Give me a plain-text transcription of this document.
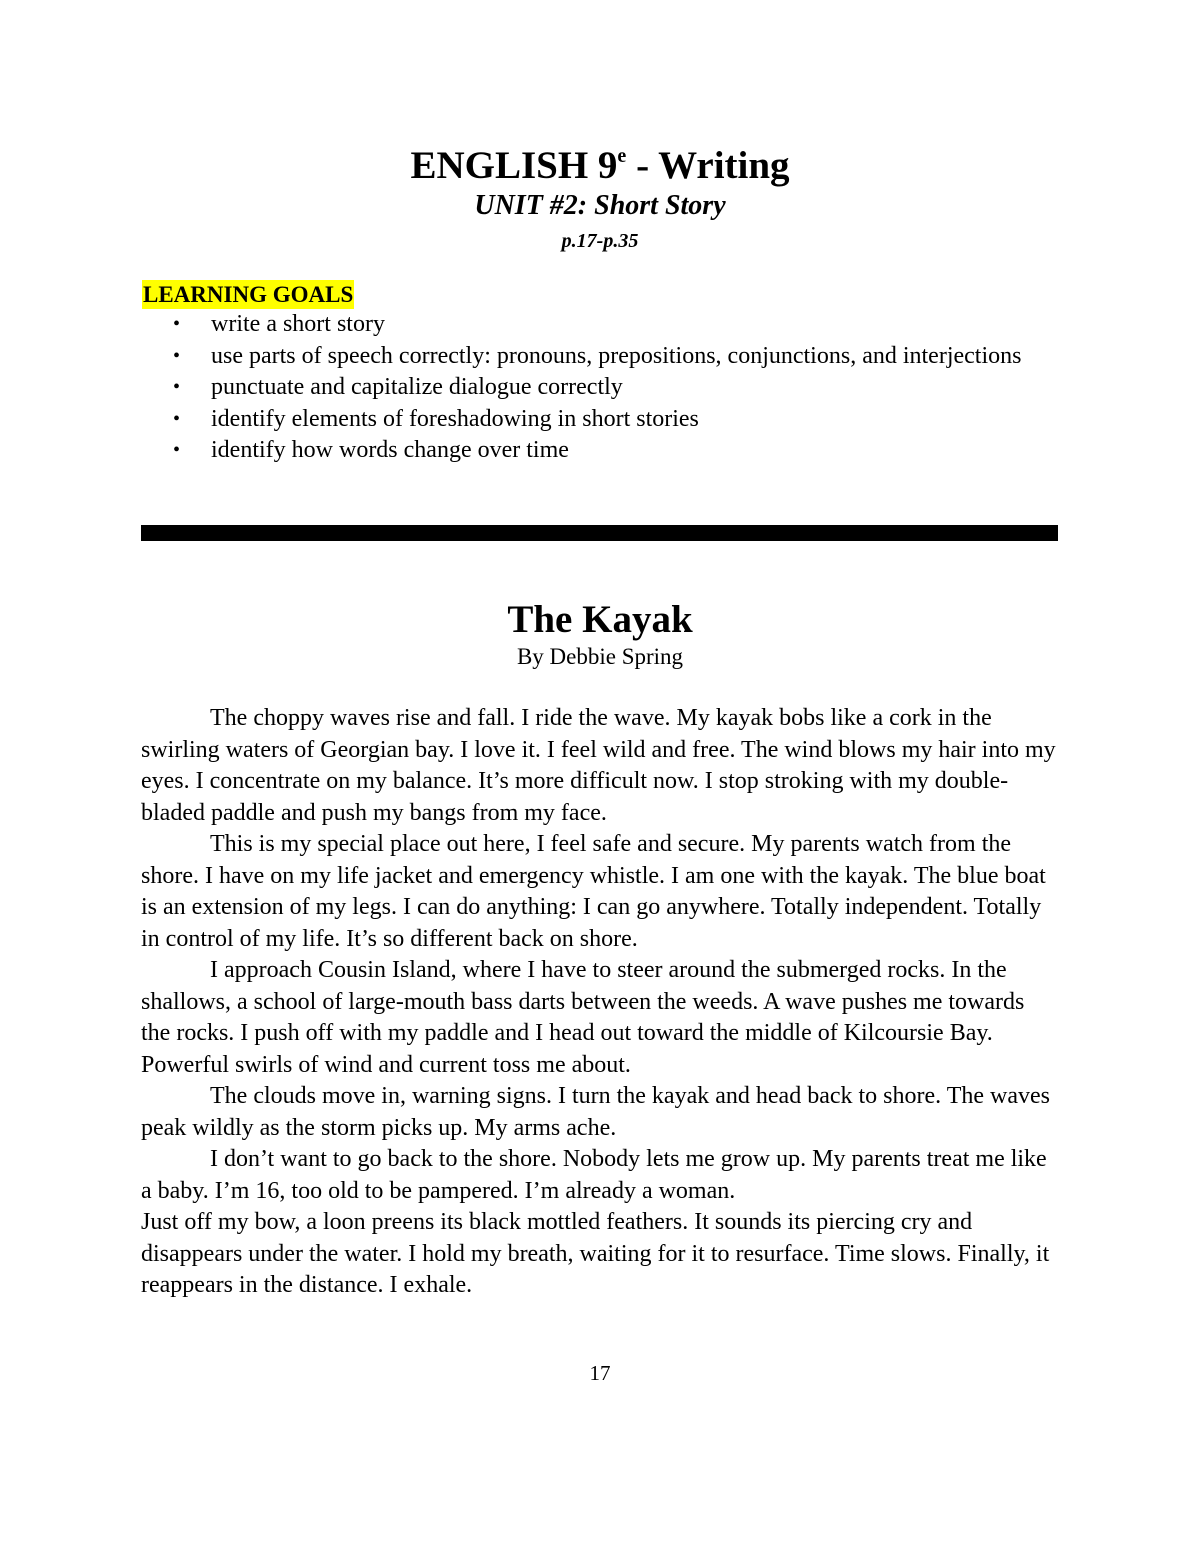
ENGLISH 9e - Writing
UNIT #2: Short Story
p.17-p.35
LEARNING GOALS
• write a short story
• use parts of speech correctly: pronouns, prepositions, conjunctions, and interjections
• punctuate and capitalize dialogue correctly
• identify elements of foreshadowing in short stories
• identify how words change over time
The Kayak
By Debbie Spring

The choppy waves rise and fall. I ride the wave. My kayak bobs like a cork in the swirling waters of Georgian bay. I love it. I feel wild and free. The wind blows my hair into my eyes. I concentrate on my balance. It’s more difficult now. I stop stroking with my double-bladed paddle and push my bangs from my face.

This is my special place out here, I feel safe and secure. My parents watch from the shore. I have on my life jacket and emergency whistle. I am one with the kayak. The blue boat is an extension of my legs. I can do anything: I can go anywhere. Totally independent. Totally in control of my life. It’s so different back on shore.

I approach Cousin Island, where I have to steer around the submerged rocks. In the shallows, a school of large-mouth bass darts between the weeds. A wave pushes me towards the rocks. I push off with my paddle and I head out toward the middle of Kilcoursie Bay. Powerful swirls of wind and current toss me about.

The clouds move in, warning signs. I turn the kayak and head back to shore. The waves peak wildly as the storm picks up. My arms ache.

I don’t want to go back to the shore. Nobody lets me grow up. My parents treat me like a baby. I’m 16, too old to be pampered. I’m already a woman.

Just off my bow, a loon preens its black mottled feathers. It sounds its piercing cry and disappears under the water. I hold my breath, waiting for it to resurface. Time slows. Finally, it reappears in the distance. I exhale.

17
